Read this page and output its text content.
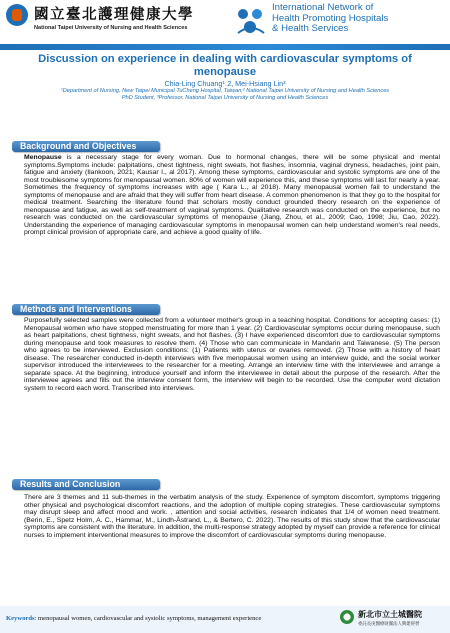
國立臺北護理健康大學
National Taipei University of Nursing and Health Sciences
International Network of
Health Promoting Hospitals
& Health Services
Discussion on experience in dealing with cardiovascular symptoms of menopause
Chia-Ling Chuang¹˒2, Mei-Hsiang Lin³
¹Department of Nursing, New Taipei Municipal TuCheng Hospital, Taiwan;² National Taipei University of Nursing and Health Sciences
PhD Student, ³Professor, National Taipei University of Nursing and Health Sciences
Background and Objectives
Menopause is a necessary stage for every woman. Due to hormonal changes, there will be some physical and mental symptoms.Symptoms include: palpitations, chest tightness, night sweats, hot flashes, insomnia, vaginal dryness, headaches, joint pain, fatigue and anxiety (Ilankoon, 2021; Kausar I., al 2017). Among these symptoms, cardiovascular and systolic symptoms are one of the most troublesome symptoms for menopausal women. 80% of women will experience this, and these symptoms will last for nearly a year. Sometimes the frequency of symptoms increases with age ( Kara L., al 2018). Many menopausal women fail to understand the symptoms of menopause and are afraid that they will suffer from heart disease. A common phenomenon is that they go to the hospital for medical treatment. Searching the literature found that scholars mostly conduct grounded theory research on the experience of menopause and fatigue, as well as self-treatment of vaginal symptoms. Qualitative research was conducted on the experience, but no research was conducted on the cardiovascular symptoms of menopause (Jiang, Zhou, et al., 2009; Cao, 1998; Jiu, Cao, 2022). Understanding the experience of managing cardiovascular symptoms in menopausal women can help understand women's real needs, prompt clinical provision of appropriate care, and achieve a good quality of life.
Methods and Interventions
Purposefully selected samples were collected from a volunteer mother's group in a teaching hospital. Conditions for accepting cases: (1) Menopausal women who have stopped menstruating for more than 1 year. (2) Cardiovascular symptoms occur during menopause, such as heart palpitations, chest tightness, night sweats, and hot flashes. (3) I have experienced discomfort due to cardiovascular symptoms during menopause and took measures to resolve them. (4) Those who can communicate in Mandarin and Taiwanese. (5) The person who agrees to be interviewed. Exclusion conditions: (1) Patients with uterus or ovaries removed. (2) Those with a history of heart disease. The researcher conducted in-depth interviews with five menopausal women using an interview guide, and the social worker supervisor introduced the interviewees to the researcher for a meeting. Arrange an interview time with the interviewee and arrange a separate space. At the beginning, introduce yourself and inform the interviewee in detail about the purpose of the research. After the interviewee agrees and fills out the interview consent form, the interview will begin to be recorded. Use the computer word dictation system to record each word. Transcribed into interviews.
Results and Conclusion
There are 3 themes and 11 sub-themes in the verbatim analysis of the study. Experience of symptom discomfort, symptoms triggering other physical and psychological discomfort reactions, and the adoption of multiple coping strategies. These cardiovascular symptoms may disrupt sleep and affect mood and work. , attention and social activities, research indicates that 1/4 of women need treatment. (Berin, E., Spetz Holm, A. C., Hammar, M., Lindh-Åstrand, L., & Bertero, C. 2022). The results of this study show that the cardiovascular symptoms are consistent with the literature. In addition, the multi-response strategy adopted by myself can provide a reference for clinical nurses to implement interventional measures to improve the discomfort of cardiovascular symptoms during menopause.
Keywords: menopausal women, cardiovascular and systolic symptoms, management experience	新北市立土城醫院
委託長庚醫療財團法人興建經營
